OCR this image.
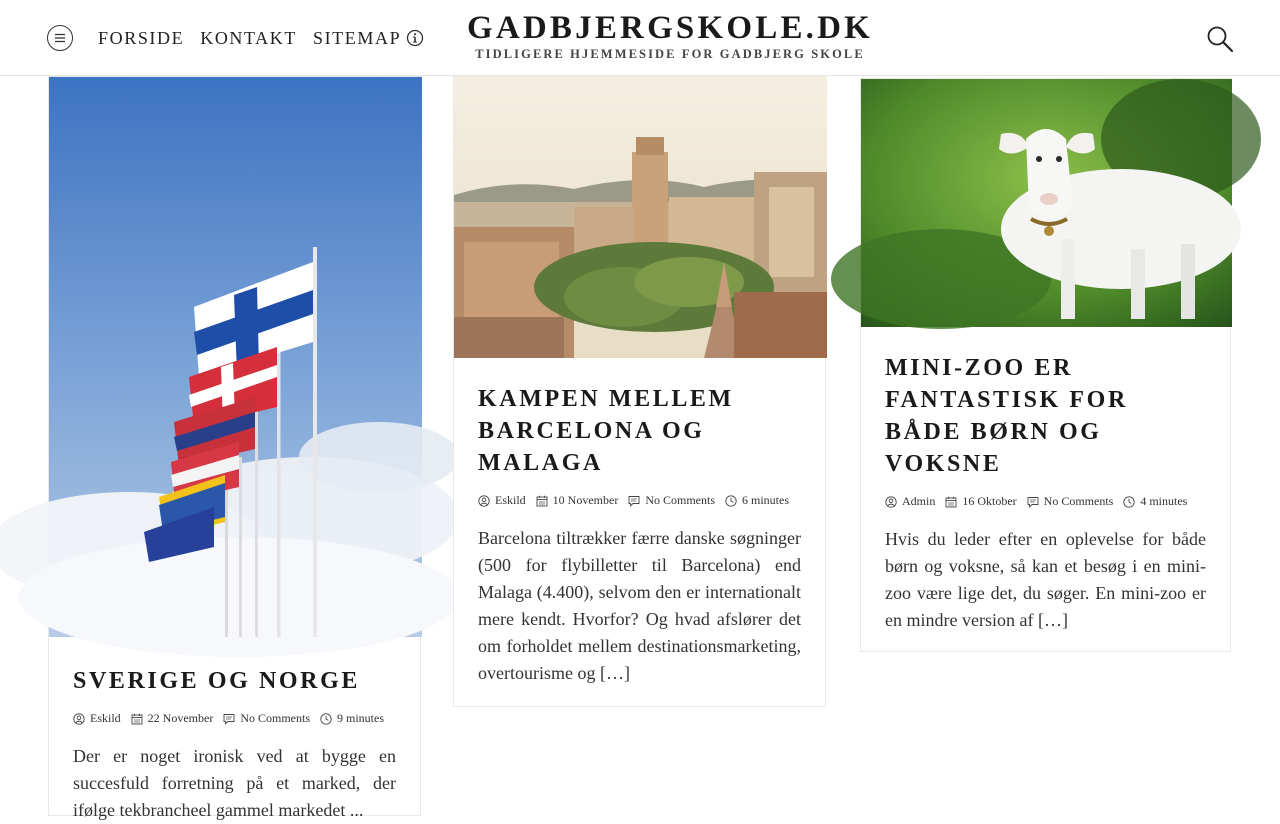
FORSIDE KONTAKT SITEMAP	GADBJERGSKOLE.DK
TIDLIGERE HJEMMESIDE FOR GADBJERG SKOLE
SVERIGE OG NORGE
Eskild 22 November No Comments 9 minutes

Der er noget ironisk ved at bygge en succesfuld forretning på et marked, der ifølge tekbrancheel gammel markedet ...

KAMPEN MELLEM BARCELONA OG MALAGA
Eskild 10 November No Comments 6 minutes

Barcelona tiltrækker færre danske søgninger (500 for flybilletter til Barcelona) end Malaga (4.400), selvom den er internationalt mere kendt. Hvorfor? Og hvad afslører det om forholdet mellem destinationsmarketing, overtourisme og […]

MINI-ZOO ER FANTASTISK FOR BÅDE BØRN OG VOKSNE
Admin 16 Oktober No Comments 4 minutes

Hvis du leder efter en oplevelse for både børn og voksne, så kan et besøg i en mini-zoo være lige det, du søger. En mini-zoo er en mindre version af […]
